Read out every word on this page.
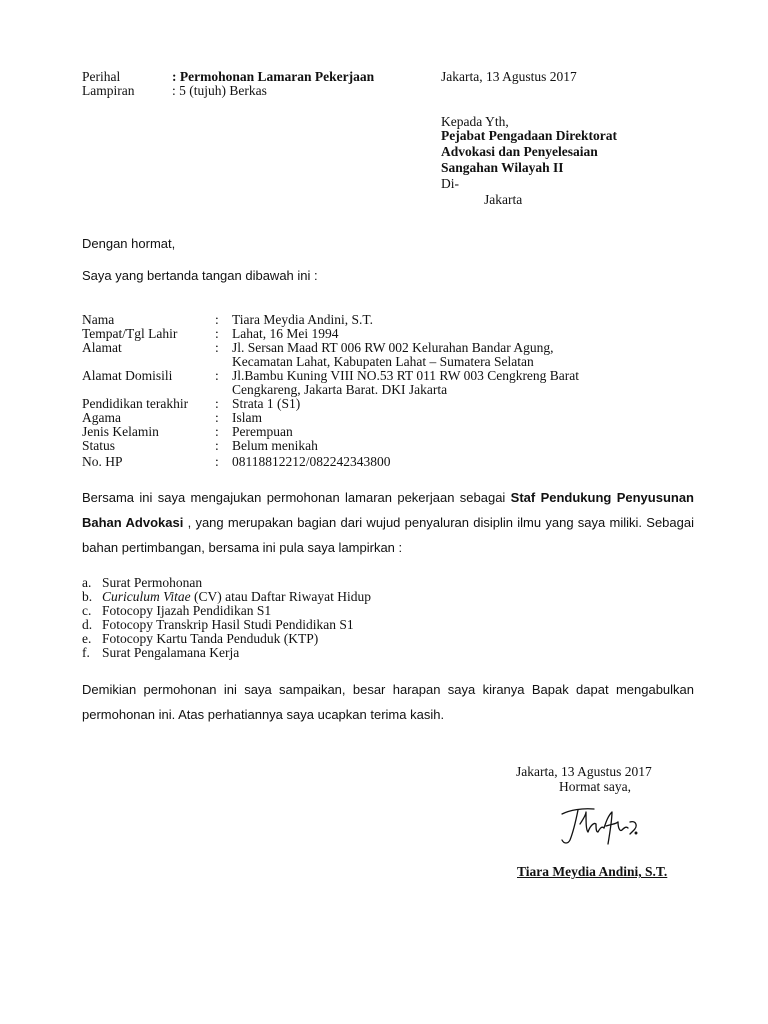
Perihal	: Permohonan Lamaran Pekerjaan
Lampiran	: 5 (tujuh) Berkas
Jakarta, 13 Agustus 2017
Kepada Yth,
Pejabat Pengadaan Direktorat
Advokasi dan Penyelesaian
Sangahan Wilayah II
Di-
Jakarta
Dengan hormat,
Saya yang bertanda tangan dibawah ini :
Nama	: Tiara Meydia Andini, S.T.
Tempat/Tgl Lahir	: Lahat, 16 Mei 1994
Alamat	: Jl. Sersan Maad RT 006 RW 002 Kelurahan Bandar Agung,
Kecamatan Lahat, Kabupaten Lahat – Sumatera Selatan
Alamat Domisili	: Jl.Bambu Kuning VIII NO.53 RT 011 RW 003 Cengkreng Barat
Cengkareng, Jakarta Barat. DKI Jakarta
Pendidikan terakhir : Strata 1 (S1)
Agama	: Islam
Jenis Kelamin	: Perempuan
Status	: Belum menikah
No. HP	: 08118812212/082242343800
Bersama ini saya mengajukan permohonan lamaran pekerjaan sebagai Staf Pendukung Penyusunan Bahan Advokasi , yang merupakan bagian dari wujud penyaluran disiplin ilmu yang saya miliki. Sebagai bahan pertimbangan, bersama ini pula saya lampirkan :
a. Surat Permohonan
b. Curiculum Vitae (CV) atau Daftar Riwayat Hidup
c. Fotocopy Ijazah Pendidikan S1
d. Fotocopy Transkrip Hasil Studi Pendidikan S1
e. Fotocopy Kartu Tanda Penduduk (KTP)
f. Surat Pengalamana Kerja
Demikian permohonan ini saya sampaikan, besar harapan saya kiranya Bapak dapat mengabulkan permohonan ini. Atas perhatiannya saya ucapkan terima kasih.
Jakarta, 13 Agustus 2017
Hormat saya,
Tiara Meydia Andini, S.T.
